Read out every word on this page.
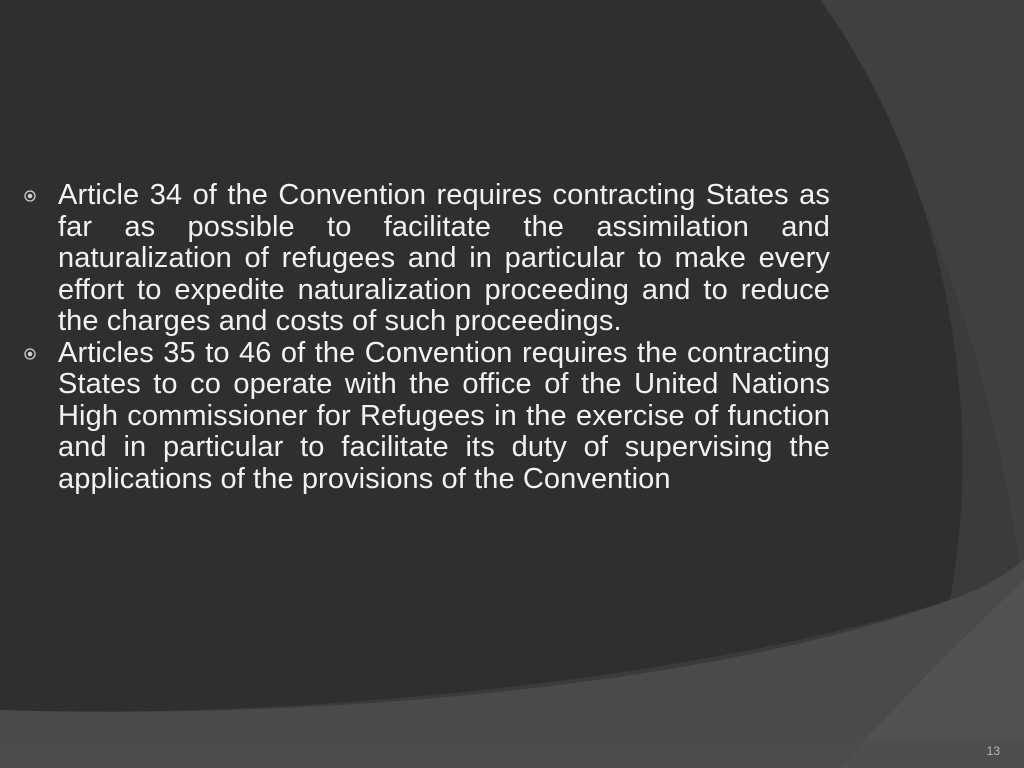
Article 34 of the Convention requires contracting States as far as possible to facilitate the assimilation and naturalization of refugees and in particular to make every effort to expedite naturalization proceeding and to reduce the charges and costs of such proceedings.
Articles 35 to 46 of the Convention requires the contracting States to co operate with the office of the United Nations High commissioner for Refugees in the exercise of function and in particular to facilitate its duty of supervising the applications of the provisions of the Convention
13
